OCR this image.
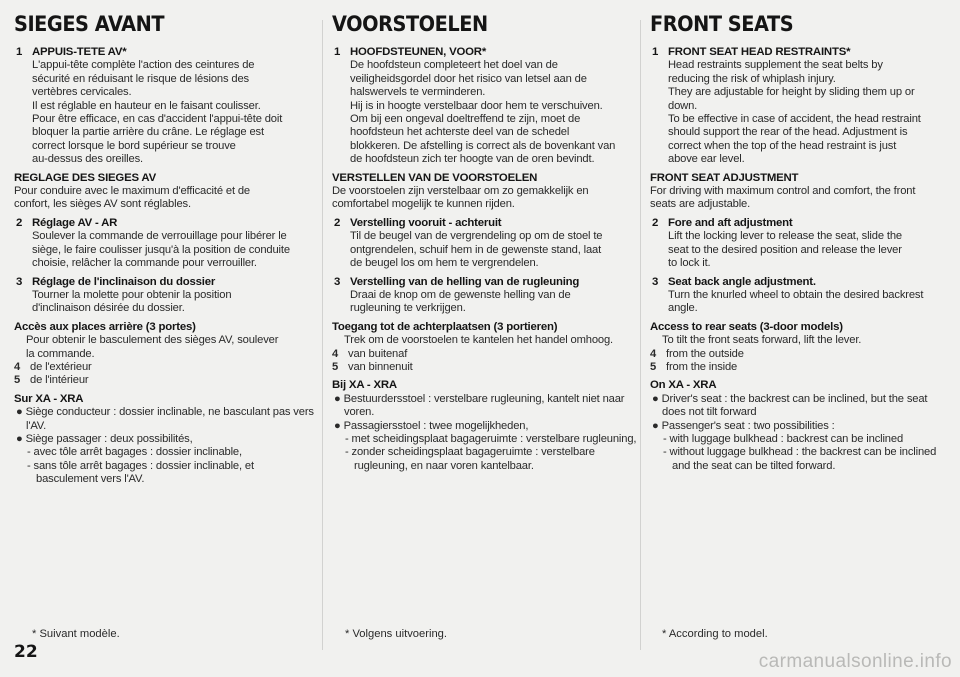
SIEGES AVANT
1 APPUIS-TETE AV*
L'appui-tête complète l'action des ceintures de
sécurité en réduisant le risque de lésions des
vertèbres cervicales.
Il est réglable en hauteur en le faisant coulisser.
Pour être efficace, en cas d'accident l'appui-tête doit
bloquer la partie arrière du crâne. Le réglage est
correct lorsque le bord supérieur se trouve
au-dessus des oreilles.
REGLAGE DES SIEGES AV
Pour conduire avec le maximum d'efficacité et de
confort, les sièges AV sont réglables.
2 Réglage AV - AR
Soulever la commande de verrouillage pour libérer le
siège, le faire coulisser jusqu'à la position de conduite
choisie, relâcher la commande pour verrouiller.
3 Réglage de l'inclinaison du dossier
Tourner la molette pour obtenir la position
d'inclinaison désirée du dossier.
Accès aux places arrière (3 portes)
Pour obtenir le basculement des sièges AV, soulever
la commande.
4 de l'extérieur
5 de l'intérieur
Sur XA - XRA
● Siège conducteur : dossier inclinable, ne basculant pas vers l'AV.
● Siège passager : deux possibilités,
- avec tôle arrêt bagages : dossier inclinable,
- sans tôle arrêt bagages : dossier inclinable, et basculement vers l'AV.
VOORSTOELEN
1 HOOFDSTEUNEN, VOOR*
De hoofdsteun completeert het doel van de
veiligheidsgordel door het risico van letsel aan de
halswervels te verminderen.
Hij is in hoogte verstelbaar door hem te verschuiven.
Om bij een ongeval doeltreffend te zijn, moet de
hoofdsteun het achterste deel van de schedel
blokkeren. De afstelling is correct als de bovenkant van
de hoofdsteun zich ter hoogte van de oren bevindt.
VERSTELLEN VAN DE VOORSTOELEN
De voorstoelen zijn verstelbaar om zo gemakkelijk en
comfortabel mogelijk te kunnen rijden.
2 Verstelling vooruit - achteruit
Til de beugel van de vergrendeling op om de stoel te
ontgrendelen, schuif hem in de gewenste stand, laat
de beugel los om hem te vergrendelen.
3 Verstelling van de helling van de rugleuning
Draai de knop om de gewenste helling van de
rugleuning te verkrijgen.
Toegang tot de achterplaatsen (3 portieren)
Trek om de voorstoelen te kantelen het handel omhoog.
4 van buitenaf
5 van binnenuit
Bij XA - XRA
● Bestuurdersstoel : verstelbare rugleuning, kantelt niet naar voren.
● Passagiersstoel : twee mogelijkheden,
- met scheidingsplaat bagageruimte : verstelbare rugleuning,
- zonder scheidingsplaat bagageruimte : verstelbare rugleuning, en naar voren kantelbaar.
FRONT SEATS
1 FRONT SEAT HEAD RESTRAINTS*
Head restraints supplement the seat belts by
reducing the risk of whiplash injury.
They are adjustable for height by sliding them up or
down.
To be effective in case of accident, the head restraint
should support the rear of the head. Adjustment is
correct when the top of the head restraint is just
above ear level.
FRONT SEAT ADJUSTMENT
For driving with maximum control and comfort, the front
seats are adjustable.
2 Fore and aft adjustment
Lift the locking lever to release the seat, slide the
seat to the desired position and release the lever
to lock it.
3 Seat back angle adjustment.
Turn the knurled wheel to obtain the desired backrest
angle.
Access to rear seats (3-door models)
To tilt the front seats forward, lift the lever.
4 from the outside
5 from the inside
On XA - XRA
● Driver's seat : the backrest can be inclined, but the seat does not tilt forward
● Passenger's seat : two possibilities :
- with luggage bulkhead : backrest can be inclined
- without luggage bulkhead : the backrest can be inclined and the seat can be tilted forward.
* Suivant modèle.	* Volgens uitvoering.	* According to model.
22	carmanualsonline.info
